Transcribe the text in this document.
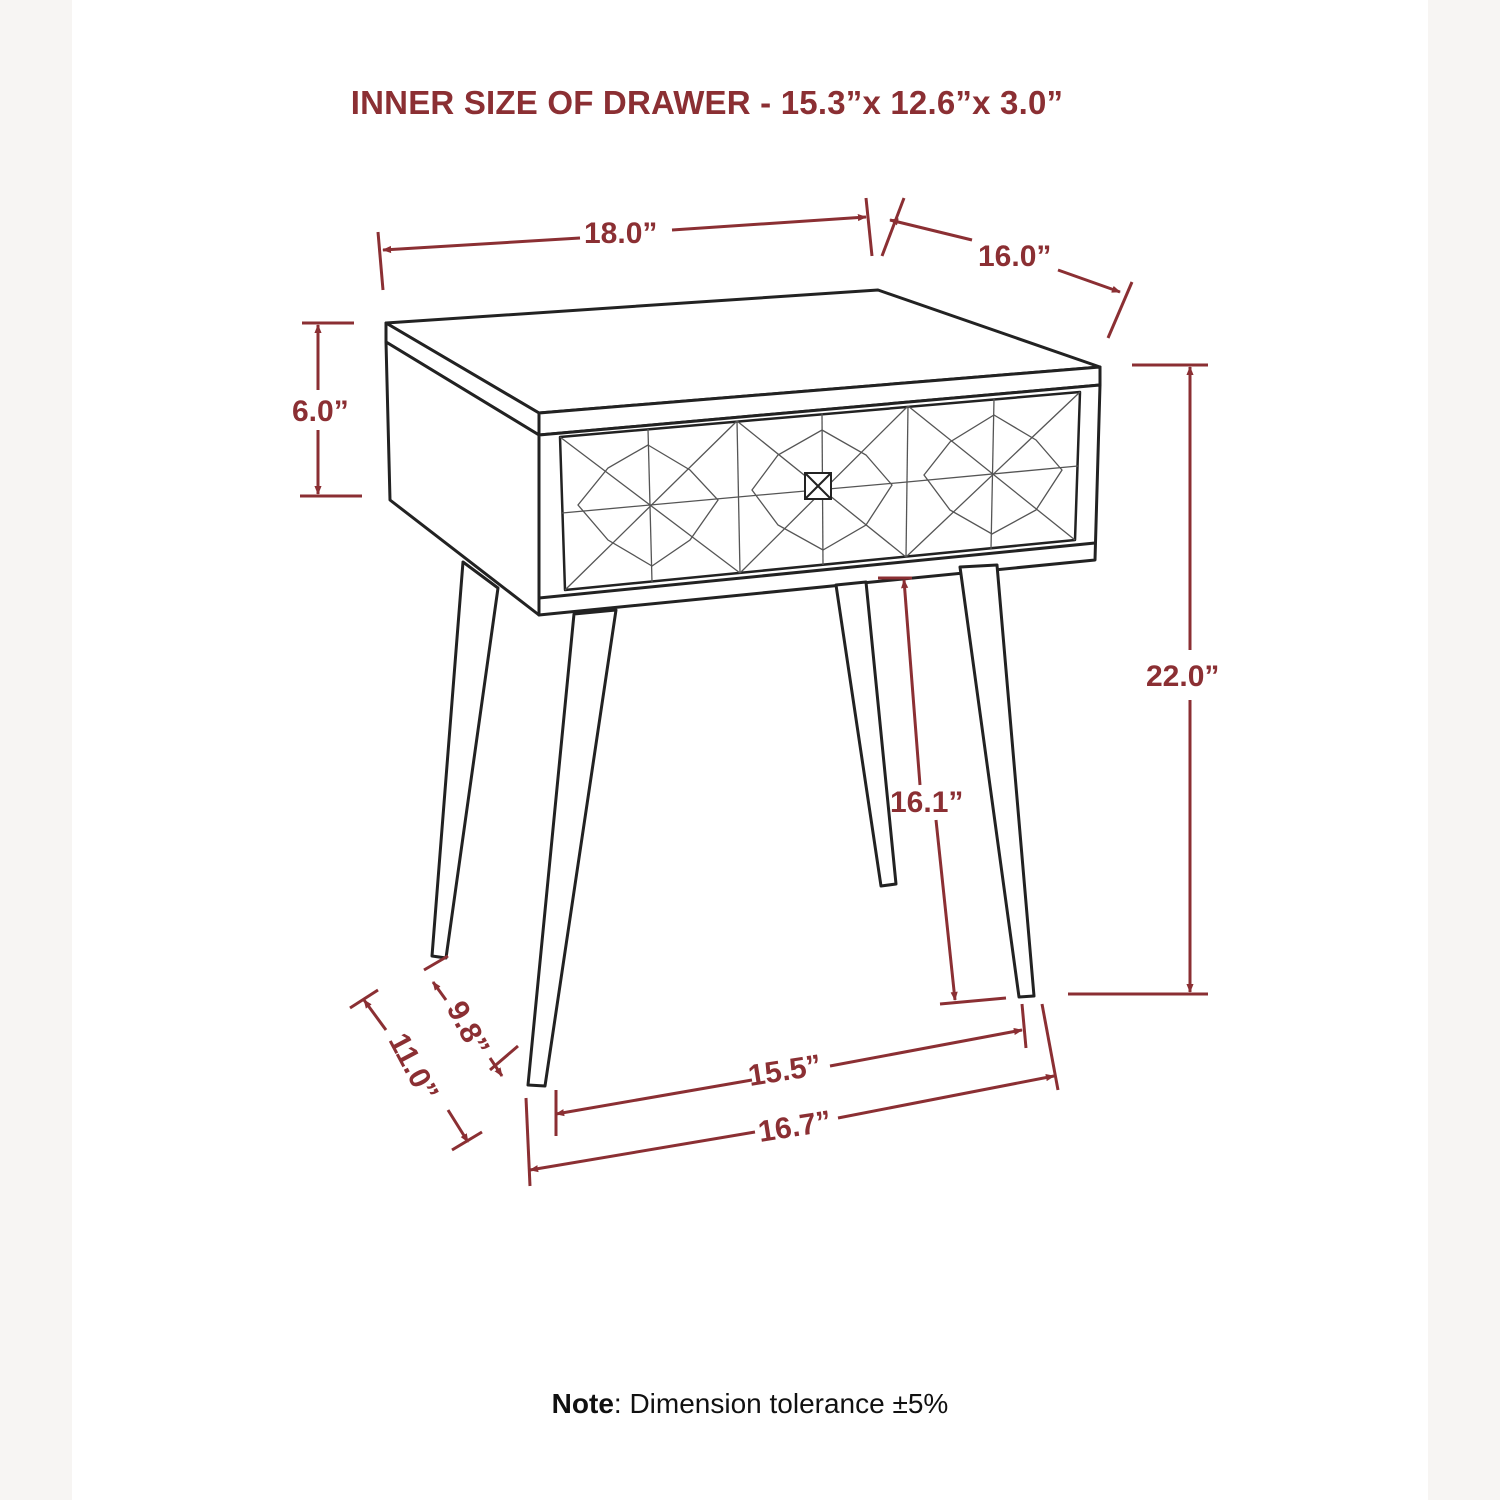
INNER SIZE OF DRAWER - 15.3”x 12.6”x 3.0”
18.0”
16.0”
6.0”
22.0”
16.1”
15.5”
16.7”
9.8”
11.0”
Note: Dimension tolerance ±5%
